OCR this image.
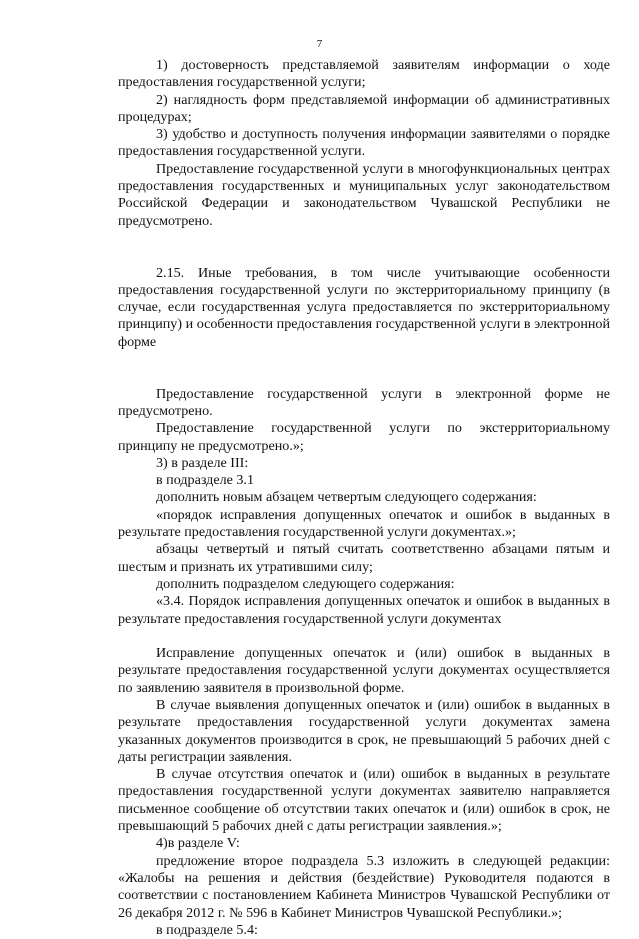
7

1) достоверность представляемой заявителям информации о ходе предоставления государственной услуги;

2) наглядность форм представляемой информации об административных процедурах;

3) удобство и доступность получения информации заявителями о порядке предоставления государственной услуги.

Предоставление государственной услуги в многофункциональных центрах предоставления государственных и муниципальных услуг законодательством Российской Федерации и законодательством Чувашской Республики не предусмотрено.

2.15. Иные требования, в том числе учитывающие особенности предоставления государственной услуги по экстерриториальному принципу (в случае, если государственная услуга предоставляется по экстерриториальному принципу) и особенности предоставления государственной услуги в электронной форме

Предоставление государственной услуги в электронной форме не предусмотрено.

Предоставление государственной услуги по экстерриториальному принципу не предусмотрено.»;

3) в разделе III:

в подразделе 3.1

дополнить новым абзацем четвертым следующего содержания:

«порядок исправления допущенных опечаток и ошибок в выданных в результате предоставления государственной услуги документах.»;

абзацы четвертый и пятый считать соответственно абзацами пятым и шестым и признать их утратившими силу;

дополнить подразделом следующего содержания:

«3.4. Порядок исправления допущенных опечаток и ошибок в выданных в результате предоставления государственной услуги документах

Исправление допущенных опечаток и (или) ошибок в выданных в результате предоставления государственной услуги документах осуществляется по заявлению заявителя в произвольной форме.

В случае выявления допущенных опечаток и (или) ошибок в выданных в результате предоставления государственной услуги документах замена указанных документов производится в срок, не превышающий 5 рабочих дней с даты регистрации заявления.

В случае отсутствия опечаток и (или) ошибок в выданных в результате предоставления государственной услуги документах заявителю направляется письменное сообщение об отсутствии таких опечаток и (или) ошибок в срок, не превышающий 5 рабочих дней с даты регистрации заявления.»;

4)в разделе V:

предложение второе подраздела 5.3 изложить в следующей редакции: «Жалобы на решения и действия (бездействие) Руководителя подаются в соответствии с постановлением Кабинета Министров Чувашской Республики от 26 декабря 2012 г. № 596 в Кабинет Министров Чувашской Республики.»;

в подразделе 5.4:
